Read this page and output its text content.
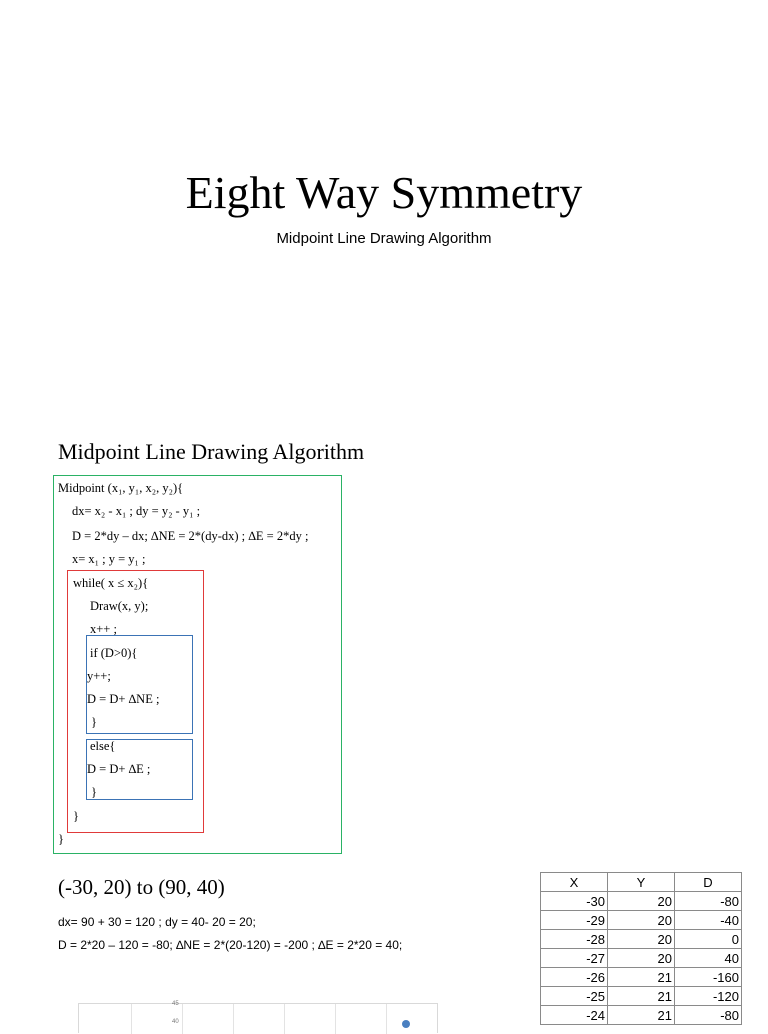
Eight Way Symmetry
Midpoint Line Drawing Algorithm
Midpoint Line Drawing Algorithm
Midpoint (x₁, y₁, x₂, y₂){
dx= x₂ - x₁ ; dy = y₂ - y₁ ;
D = 2*dy – dx; ∆NE = 2*(dy-dx) ; ∆E = 2*dy ;
x= x₁ ; y = y₁ ;
while( x ≤ x₂){
Draw(x, y);
x++ ;
if (D>0){
y++;
D = D+ ∆NE ;
}
else{
D = D+ ∆E ;
}
}
}
(-30, 20) to (90, 40)
dx= 90 + 30 = 120 ; dy = 40- 20 = 20;
D = 2*20 – 120 = -80; ∆NE = 2*(20-120) = -200 ; ∆E = 2*20 = 40;
X	Y	D
-30	20	-80
-29	20	-40
-28	20	0
-27	20	40
-26	21	-160
-25	21	-120
-24	21	-80
45
40
